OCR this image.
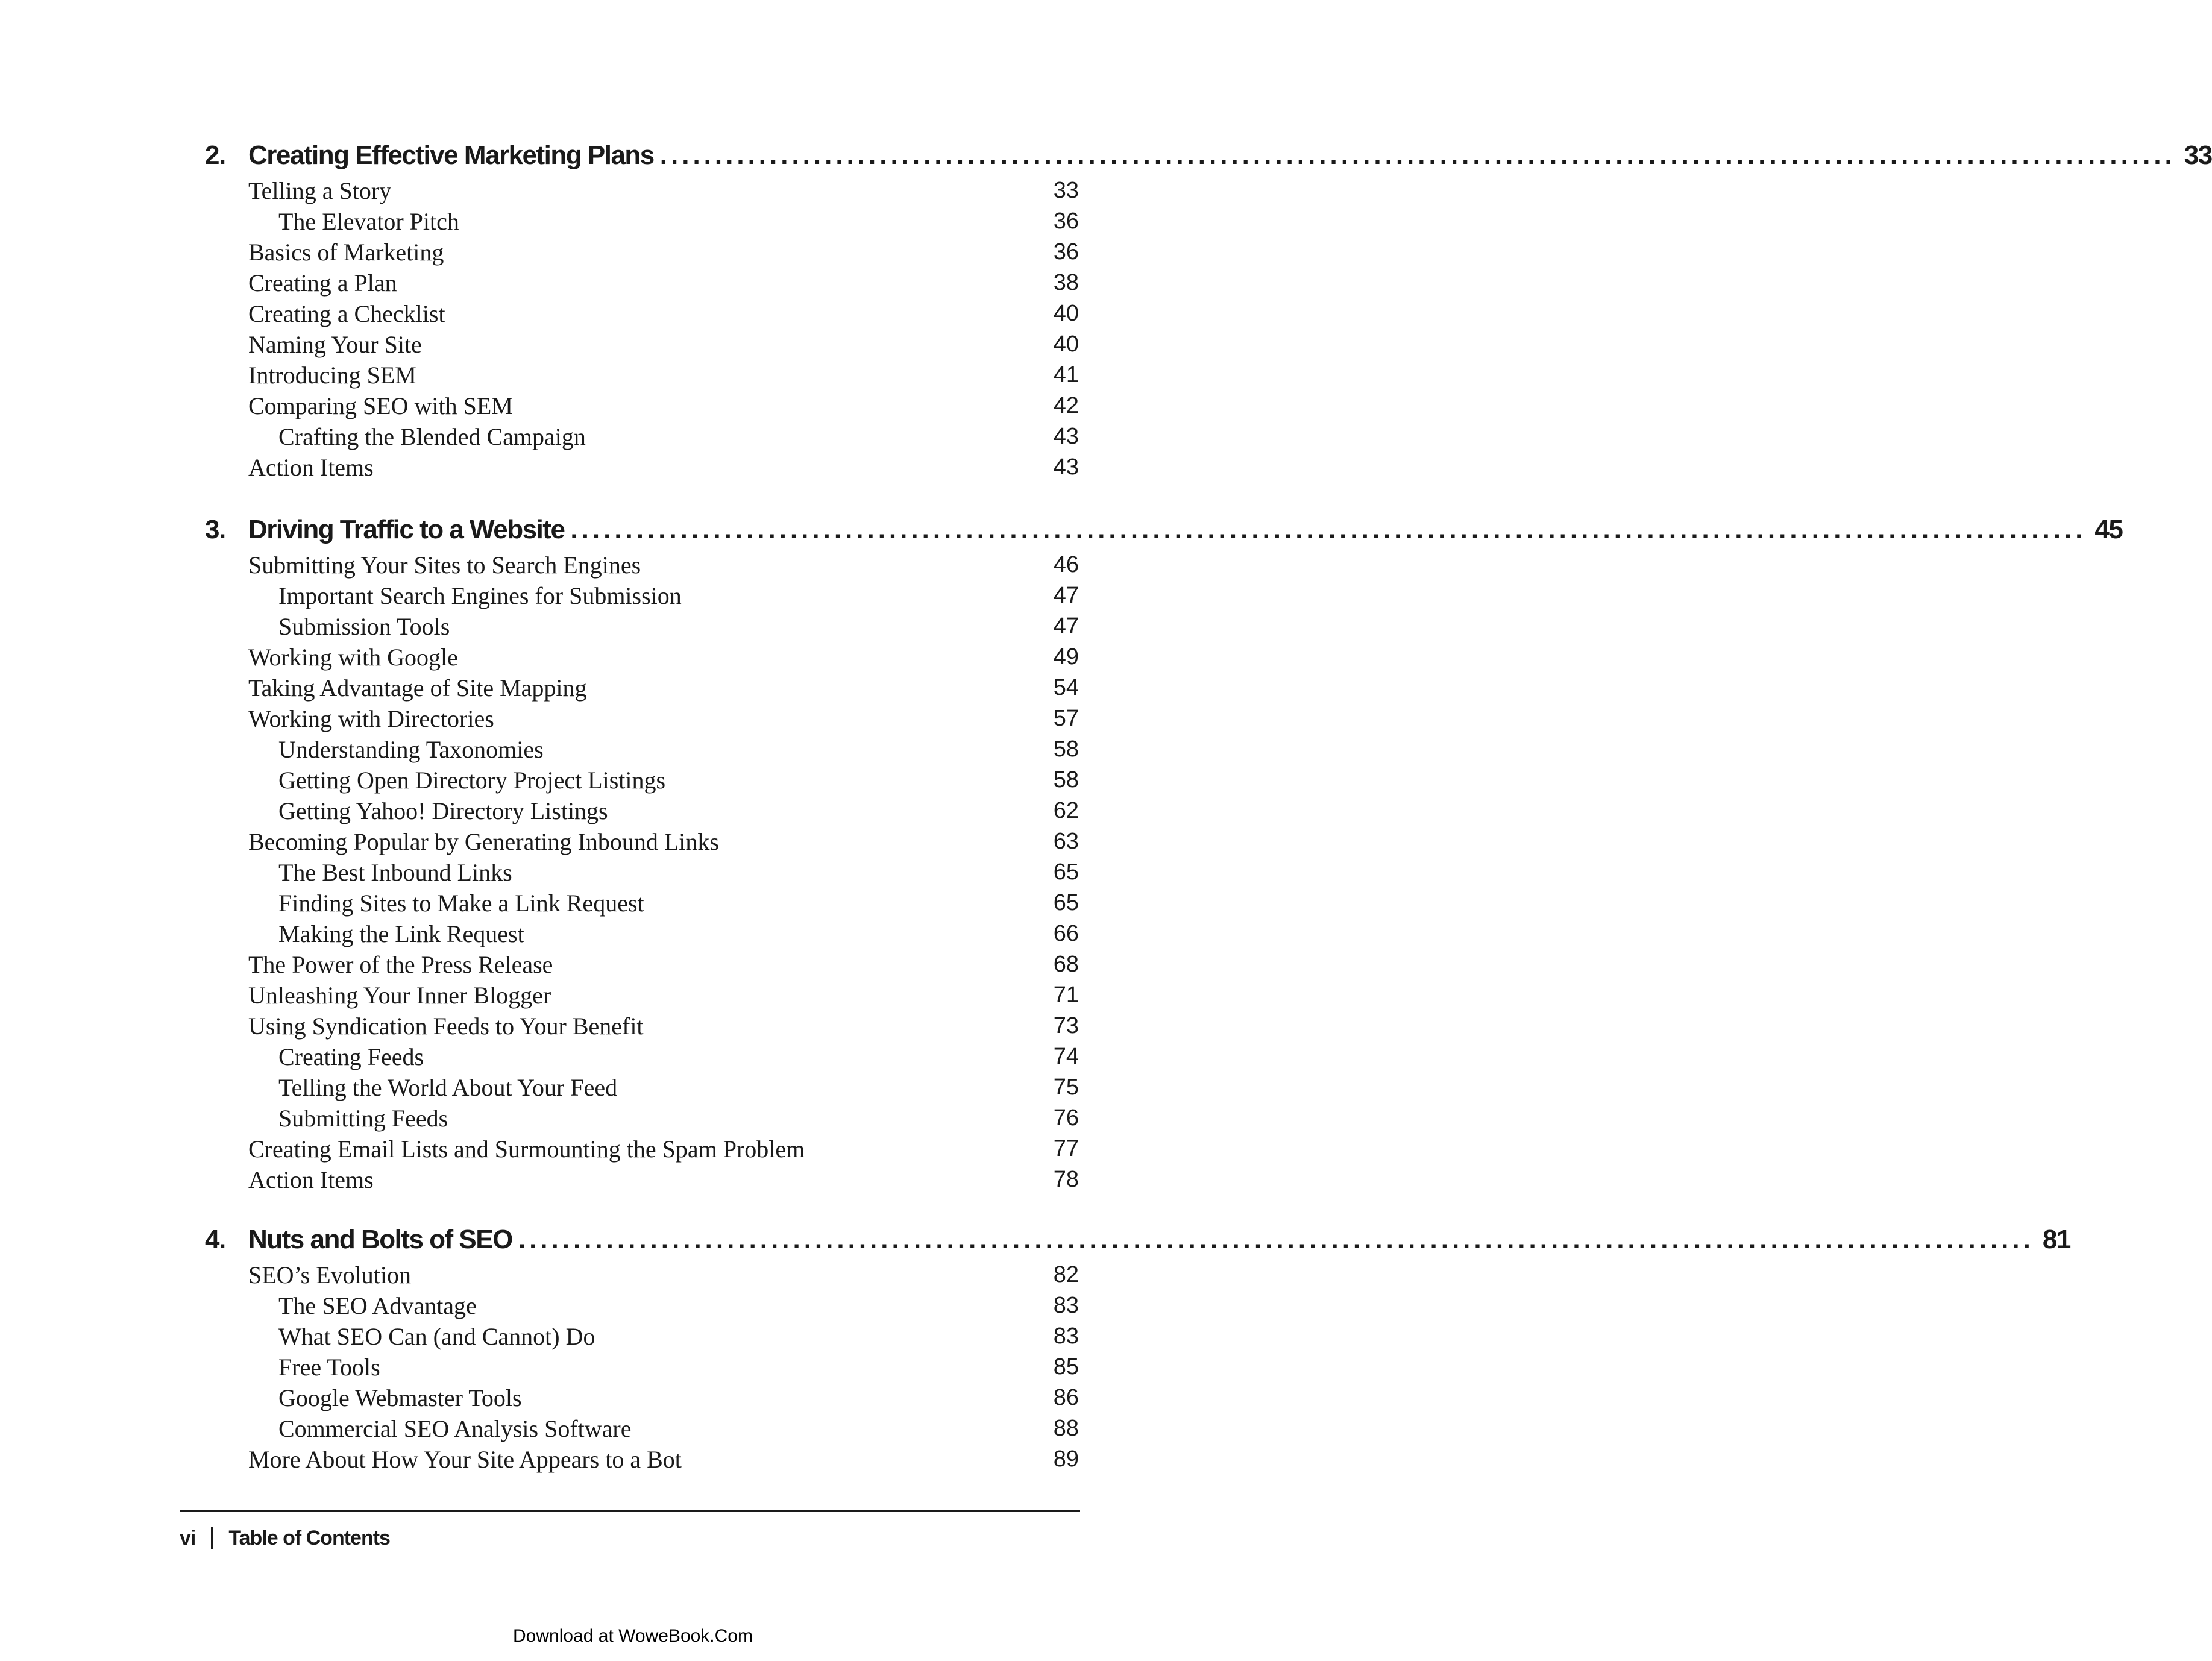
2. Creating Effective Marketing Plans .......................................................................................................................................... 33
Telling a Story	33
The Elevator Pitch	36
Basics of Marketing	36
Creating a Plan	38
Creating a Checklist	40
Naming Your Site	40
Introducing SEM	41
Comparing SEO with SEM	42
Crafting the Blended Campaign	43
Action Items	43
3. Driving Traffic to a Website .......................................................................................................................................... 45
Submitting Your Sites to Search Engines	46
Important Search Engines for Submission	47
Submission Tools	47
Working with Google	49
Taking Advantage of Site Mapping	54
Working with Directories	57
Understanding Taxonomies	58
Getting Open Directory Project Listings	58
Getting Yahoo! Directory Listings	62
Becoming Popular by Generating Inbound Links	63
The Best Inbound Links	65
Finding Sites to Make a Link Request	65
Making the Link Request	66
The Power of the Press Release	68
Unleashing Your Inner Blogger	71
Using Syndication Feeds to Your Benefit	73
Creating Feeds	74
Telling the World About Your Feed	75
Submitting Feeds	76
Creating Email Lists and Surmounting the Spam Problem	77
Action Items	78
4. Nuts and Bolts of SEO .......................................................................................................................................... 81
SEO’s Evolution	82
The SEO Advantage	83
What SEO Can (and Cannot) Do	83
Free Tools	85
Google Webmaster Tools	86
Commercial SEO Analysis Software	88
More About How Your Site Appears to a Bot	89
vi Table of Contents
Download at WoweBook.Com
